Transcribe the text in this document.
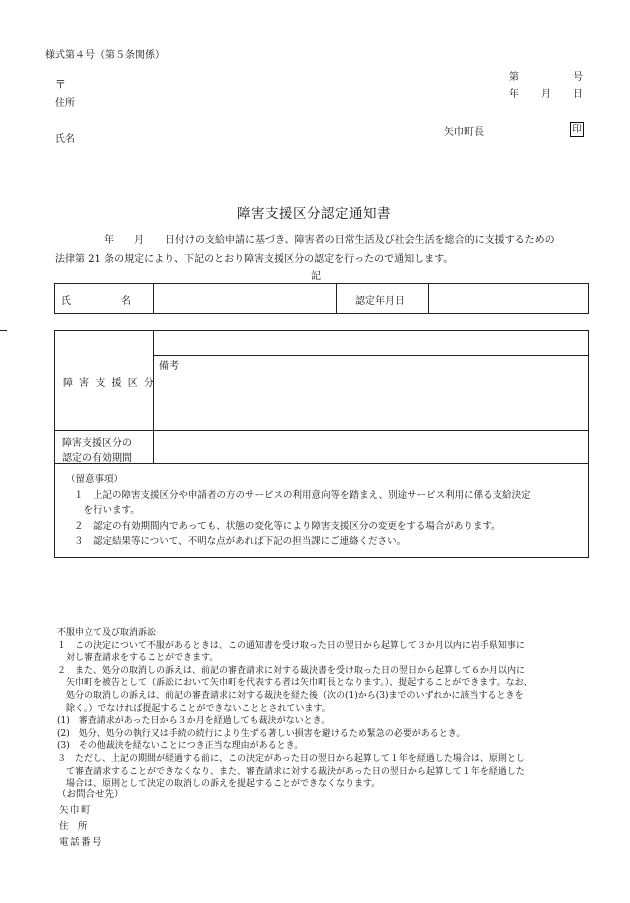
様式第４号（第５条関係）
〒
住所
氏名
第	号
年 月 日
矢巾町長	印
障害支援区分認定通知書
年 月 日付けの支給申請に基づき、障害者の日常生活及び社会生活を総合的に支援するための
法律第 21 条の規定により、下記のとおり障害支援区分の認定を行ったので通知します。
記
氏　　　　　名	認定年月日
障 害 支 援 区 分
備考
障害支援区分の
認定の有効期間
（留意事項）
１　上記の障害支援区分や申請者の方のサービスの利用意向等を踏まえ、別途サービス利用に係る支給決定
　を行います。
２　認定の有効期間内であっても、状態の変化等により障害支援区分の変更をする場合があります。
３　認定結果等について、不明な点があれば下記の担当課にご連絡ください。
不服申立て及び取消訴訟
１　この決定について不服があるときは、この通知書を受け取った日の翌日から起算して３か月以内に岩手県知事に
　対し審査請求をすることができます。
２　また、処分の取消しの訴えは、前記の審査請求に対する裁決書を受け取った日の翌日から起算して６か月以内に
　矢巾町を被告として（訴訟において矢巾町を代表する者は矢巾町長となります。）、提起することができます。なお、
　処分の取消しの訴えは、前記の審査請求に対する裁決を経た後（次の(1)から(3)までのいずれかに該当するときを
　除く。）でなければ提起することができないこととされています。
(1)　審査請求があった日から３か月を経過しても裁決がないとき。
(2)　処分、処分の執行又は手続の続行により生ずる著しい損害を避けるため緊急の必要があるとき。
(3)　その他裁決を経ないことにつき正当な理由があるとき。
３　ただし、上記の期間が経過する前に、この決定があった日の翌日から起算して１年を経過した場合は、原則とし
　て審査請求することができなくなり、また、審査請求に対する裁決があった日の翌日から起算して１年を経過した
　場合は、原則として決定の取消しの訴えを提起することができなくなります。
（お問合せ先）
矢巾町
住　所
電話番号
